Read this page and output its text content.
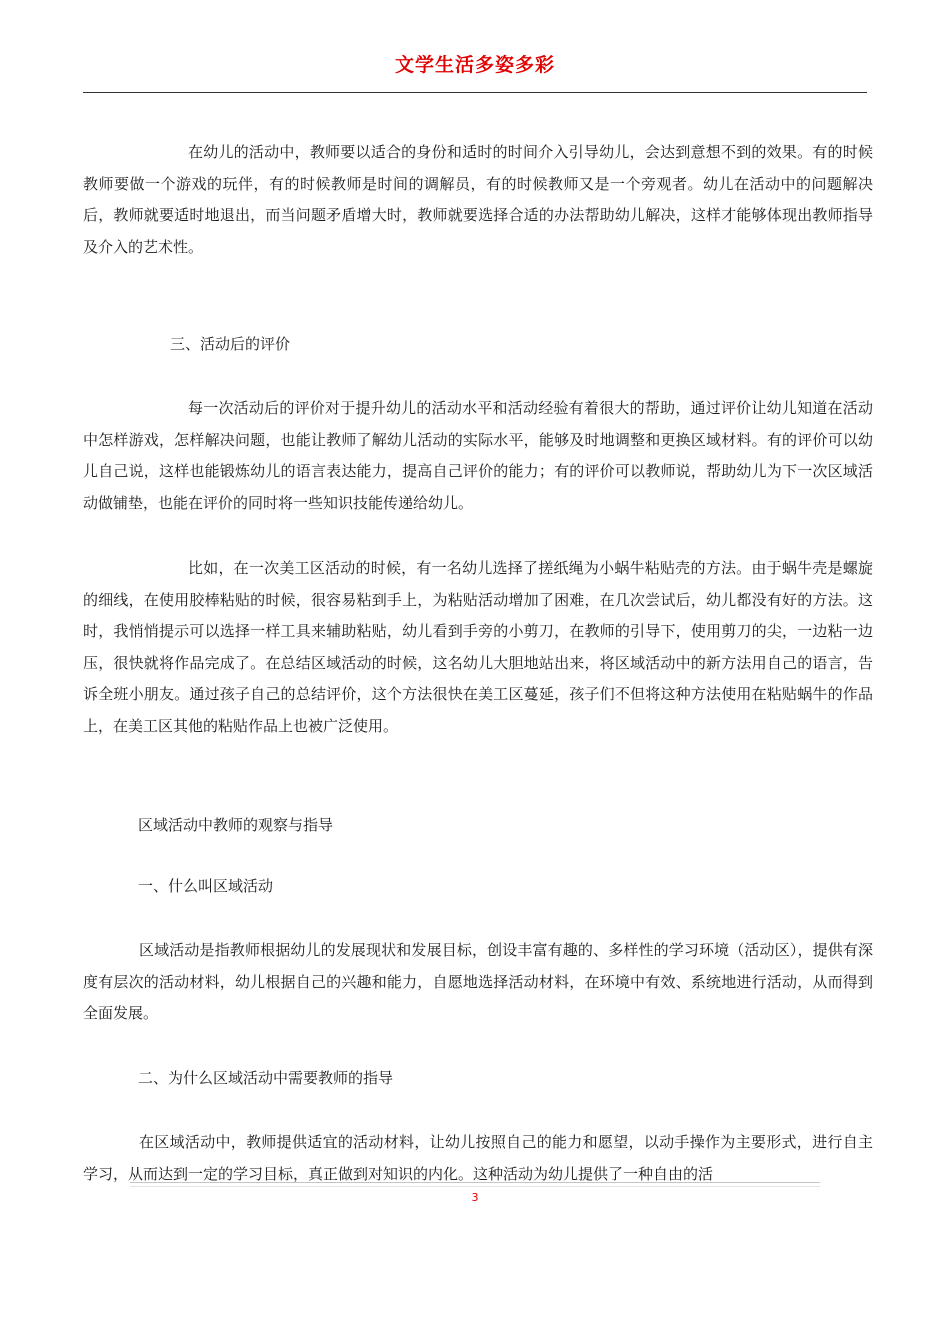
文学生活多姿多彩

在幼儿的活动中，教师要以适合的身份和适时的时间介入引导幼儿，会达到意想不到的效果。有的时候教师要做一个游戏的玩伴，有的时候教师是时间的调解员，有的时候教师又是一个旁观者。幼儿在活动中的问题解决后，教师就要适时地退出，而当问题矛盾增大时，教师就要选择合适的办法帮助幼儿解决，这样才能够体现出教师指导及介入的艺术性。

三、活动后的评价

每一次活动后的评价对于提升幼儿的活动水平和活动经验有着很大的帮助，通过评价让幼儿知道在活动中怎样游戏，怎样解决问题，也能让教师了解幼儿活动的实际水平，能够及时地调整和更换区域材料。有的评价可以幼儿自己说，这样也能锻炼幼儿的语言表达能力，提高自己评价的能力；有的评价可以教师说，帮助幼儿为下一次区域活动做铺垫，也能在评价的同时将一些知识技能传递给幼儿。

比如，在一次美工区活动的时候，有一名幼儿选择了搓纸绳为小蜗牛粘贴壳的方法。由于蜗牛壳是螺旋的细线，在使用胶棒粘贴的时候，很容易粘到手上，为粘贴活动增加了困难，在几次尝试后，幼儿都没有好的方法。这时，我悄悄提示可以选择一样工具来辅助粘贴，幼儿看到手旁的小剪刀，在教师的引导下，使用剪刀的尖，一边粘一边压，很快就将作品完成了。在总结区域活动的时候，这名幼儿大胆地站出来，将区域活动中的新方法用自己的语言，告诉全班小朋友。通过孩子自己的总结评价，这个方法很快在美工区蔓延，孩子们不但将这种方法使用在粘贴蜗牛的作品上，在美工区其他的粘贴作品上也被广泛使用。

区域活动中教师的观察与指导

一、什么叫区域活动

区域活动是指教师根据幼儿的发展现状和发展目标，创设丰富有趣的、多样性的学习环境（活动区），提供有深度有层次的活动材料，幼儿根据自己的兴趣和能力，自愿地选择活动材料，在环境中有效、系统地进行活动，从而得到全面发展。

二、为什么区域活动中需要教师的指导

在区域活动中，教师提供适宜的活动材料，让幼儿按照自己的能力和愿望，以动手操作为主要形式，进行自主学习，从而达到一定的学习目标，真正做到对知识的内化。这种活动为幼儿提供了一种自由的活

3
